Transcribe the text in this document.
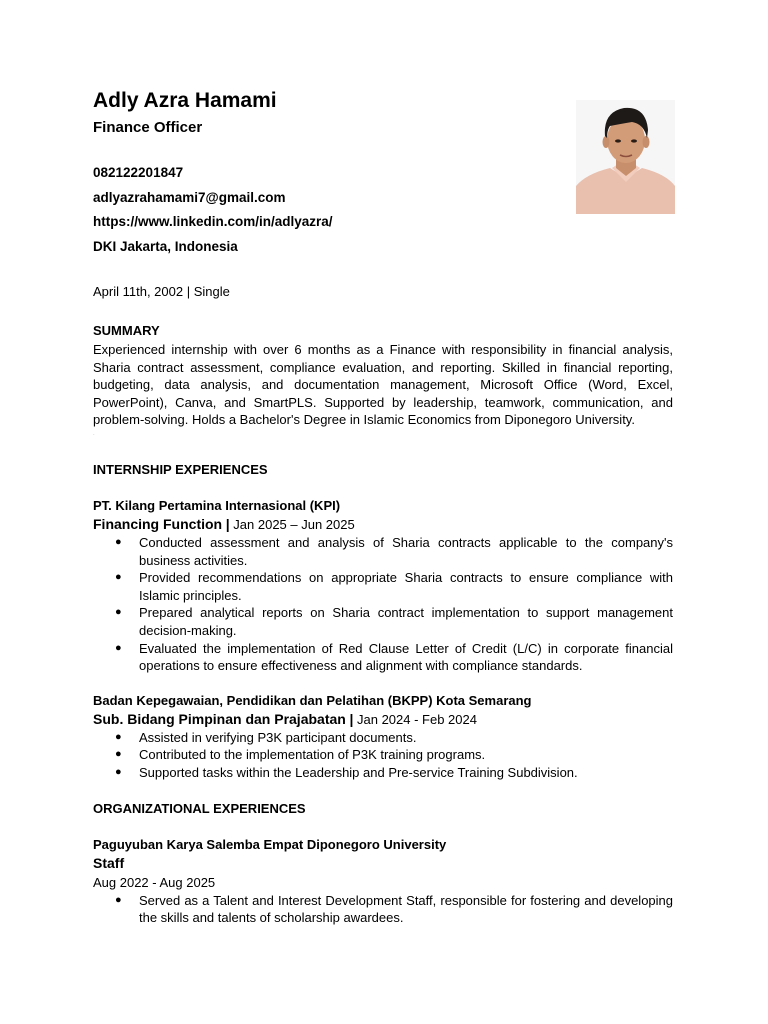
Adly Azra Hamami
Finance Officer
082122201847
adlyazrahamami7@gmail.com
https://www.linkedin.com/in/adlyazra/
DKI Jakarta, Indonesia
April 11th, 2002 | Single
SUMMARY

Experienced internship with over 6 months as a Finance with responsibility in financial analysis, Sharia contract assessment, compliance evaluation, and reporting. Skilled in financial reporting, budgeting, data analysis, and documentation management, Microsoft Office (Word, Excel, PowerPoint), Canva, and SmartPLS. Supported by leadership, teamwork, communication, and problem-solving. Holds a Bachelor's Degree in Islamic Economics from Diponegoro University.

.
INTERNSHIP EXPERIENCES
PT. Kilang Pertamina Internasional (KPI)
Financing Function | Jan 2025 – Jun 2025
● Conducted assessment and analysis of Sharia contracts applicable to the company's business activities.
● Provided recommendations on appropriate Sharia contracts to ensure compliance with Islamic principles.
● Prepared analytical reports on Sharia contract implementation to support management decision-making.
● Evaluated the implementation of Red Clause Letter of Credit (L/C) in corporate financial operations to ensure effectiveness and alignment with compliance standards.
Badan Kepegawaian, Pendidikan dan Pelatihan (BKPP) Kota Semarang
Sub. Bidang Pimpinan dan Prajabatan | Jan 2024 - Feb 2024
● Assisted in verifying P3K participant documents.
● Contributed to the implementation of P3K training programs.
● Supported tasks within the Leadership and Pre-service Training Subdivision.
ORGANIZATIONAL EXPERIENCES
Paguyuban Karya Salemba Empat Diponegoro University
Staff
Aug 2022 - Aug 2025
● Served as a Talent and Interest Development Staff, responsible for fostering and developing the skills and talents of scholarship awardees.
